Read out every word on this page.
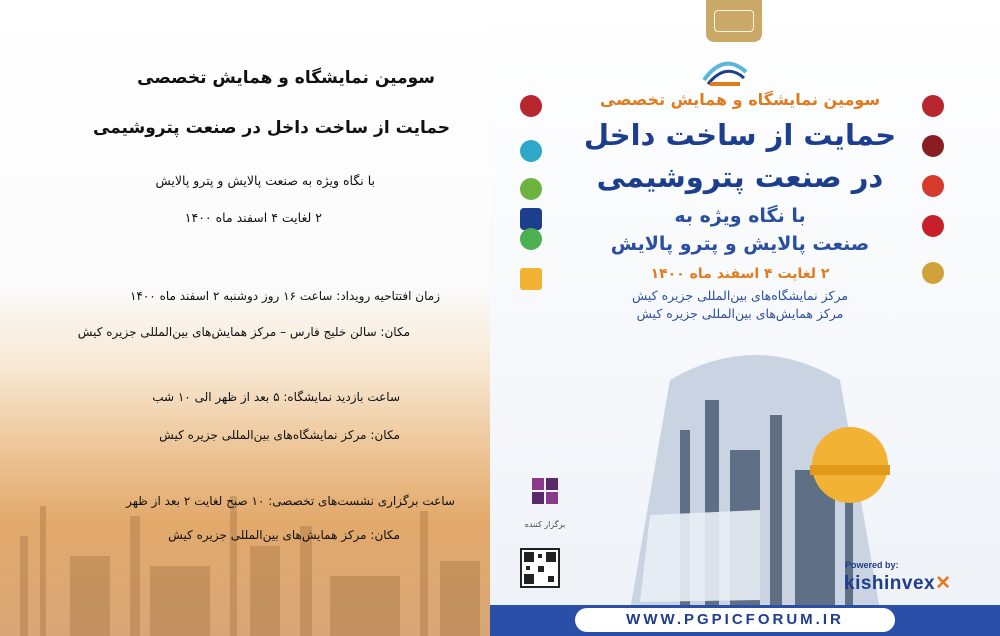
سومین نمایشگاه و همایش تخصصی
حمایت از ساخت داخل در صنعت پتروشیمی
با نگاه ویژه به صنعت پالایش و پترو پالایش
۲ لغایت ۴ اسفند ماه ۱۴۰۰
زمان افتتاحیه رویداد: ساعت ۱۶ روز دوشنبه ۲ اسفند ماه ۱۴۰۰
مکان: سالن خلیج فارس – مرکز همایش‌های بین‌المللی جزیره کیش
ساعت بازدید نمایشگاه: ۵ بعد از ظهر الی ۱۰ شب
مکان: مرکز نمایشگاه‌های بین‌المللی جزیره کیش
ساعت برگزاری نشست‌های تخصصی: ۱۰ صبح لغایت ۲ بعد از ظهر
مکان: مرکز همایش‌های بین‌المللی جزیره کیش
سومین نمایشگاه و همایش تخصصی
حمایت از ساخت داخل
در صنعت پتروشیمی
با نگاه ویژه به
صنعت پالایش و پترو پالایش
۲ لغایت ۴ اسفند ماه ۱۴۰۰
مرکز نمایشگاه‌های بین‌المللی جزیره کیش
مرکز همایش‌های بین‌المللی جزیره کیش
برگزار کننده
Powered by:
kishinvex✕
WWW.PGPICFORUM.IR
